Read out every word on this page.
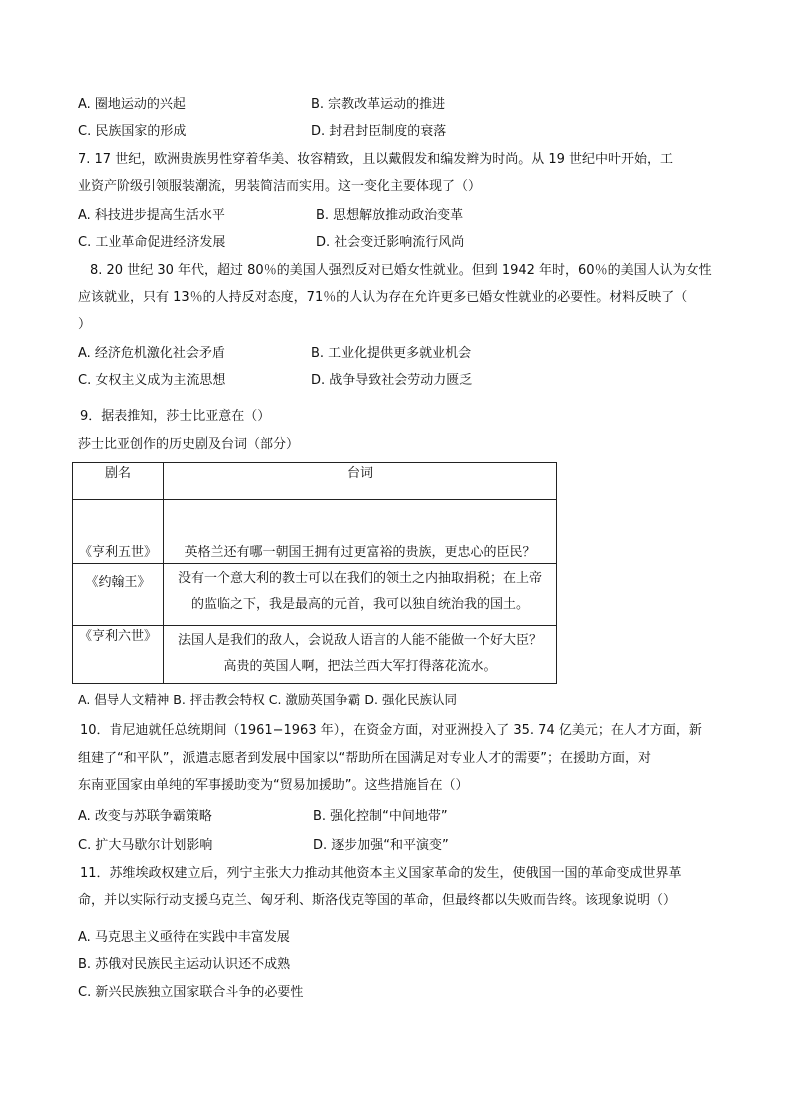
A. 圈地运动的兴起	B. 宗教改革运动的推进
C. 民族国家的形成	D. 封君封臣制度的衰落
7. 17 世纪，欧洲贵族男性穿着华美、妆容精致，且以戴假发和编发辫为时尚。从 19 世纪中叶开始，工
业资产阶级引领服装潮流，男装简洁而实用。这一变化主要体现了（）
A. 科技进步提高生活水平	B. 思想解放推动政治变革
C. 工业革命促进经济发展	D. 社会变迁影响流行风尚
8. 20 世纪 30 年代，超过 80％的美国人强烈反对已婚女性就业。但到 1942 年时，60％的美国人认为女性
应该就业，只有 13％的人持反对态度，71％的人认为存在允许更多已婚女性就业的必要性。材料反映了（
）
A. 经济危机激化社会矛盾	B. 工业化提供更多就业机会
C. 女权主义成为主流思想	D. 战争导致社会劳动力匮乏
9．据表推知，莎士比亚意在（）
莎士比亚创作的历史剧及台词（部分）
剧名	台词
《亨利五世》	英格兰还有哪一朝国王拥有过更富裕的贵族，更忠心的臣民？

《约翰王》	没有一个意大利的教士可以在我们的领土之内抽取捐税；在上帝
的监临之下，我是最高的元首，我可以独自统治我的国土。

《亨利六世》	法国人是我们的敌人，会说敌人语言的人能不能做一个好大臣？
高贵的英国人啊，把法兰西大军打得落花流水。
A. 倡导人文精神 B. 抨击教会特权 C. 激励英国争霸 D. 强化民族认同
10．肯尼迪就任总统期间（1961−1963 年），在资金方面，对亚洲投入了 35. 74 亿美元；在人才方面，新
组建了“和平队”，派遣志愿者到发展中国家以“帮助所在国满足对专业人才的需要”；在援助方面，对
东南亚国家由单纯的军事援助变为“贸易加援助”。这些措施旨在（）
A. 改变与苏联争霸策略	B. 强化控制“中间地带”
C. 扩大马歇尔计划影响	D. 逐步加强“和平演变”
11．苏维埃政权建立后，列宁主张大力推动其他资本主义国家革命的发生，使俄国一国的革命变成世界革
命，并以实际行动支援乌克兰、匈牙利、斯洛伐克等国的革命，但最终都以失败而告终。该现象说明（）
A. 马克思主义亟待在实践中丰富发展
B. 苏俄对民族民主运动认识还不成熟
C. 新兴民族独立国家联合斗争的必要性
